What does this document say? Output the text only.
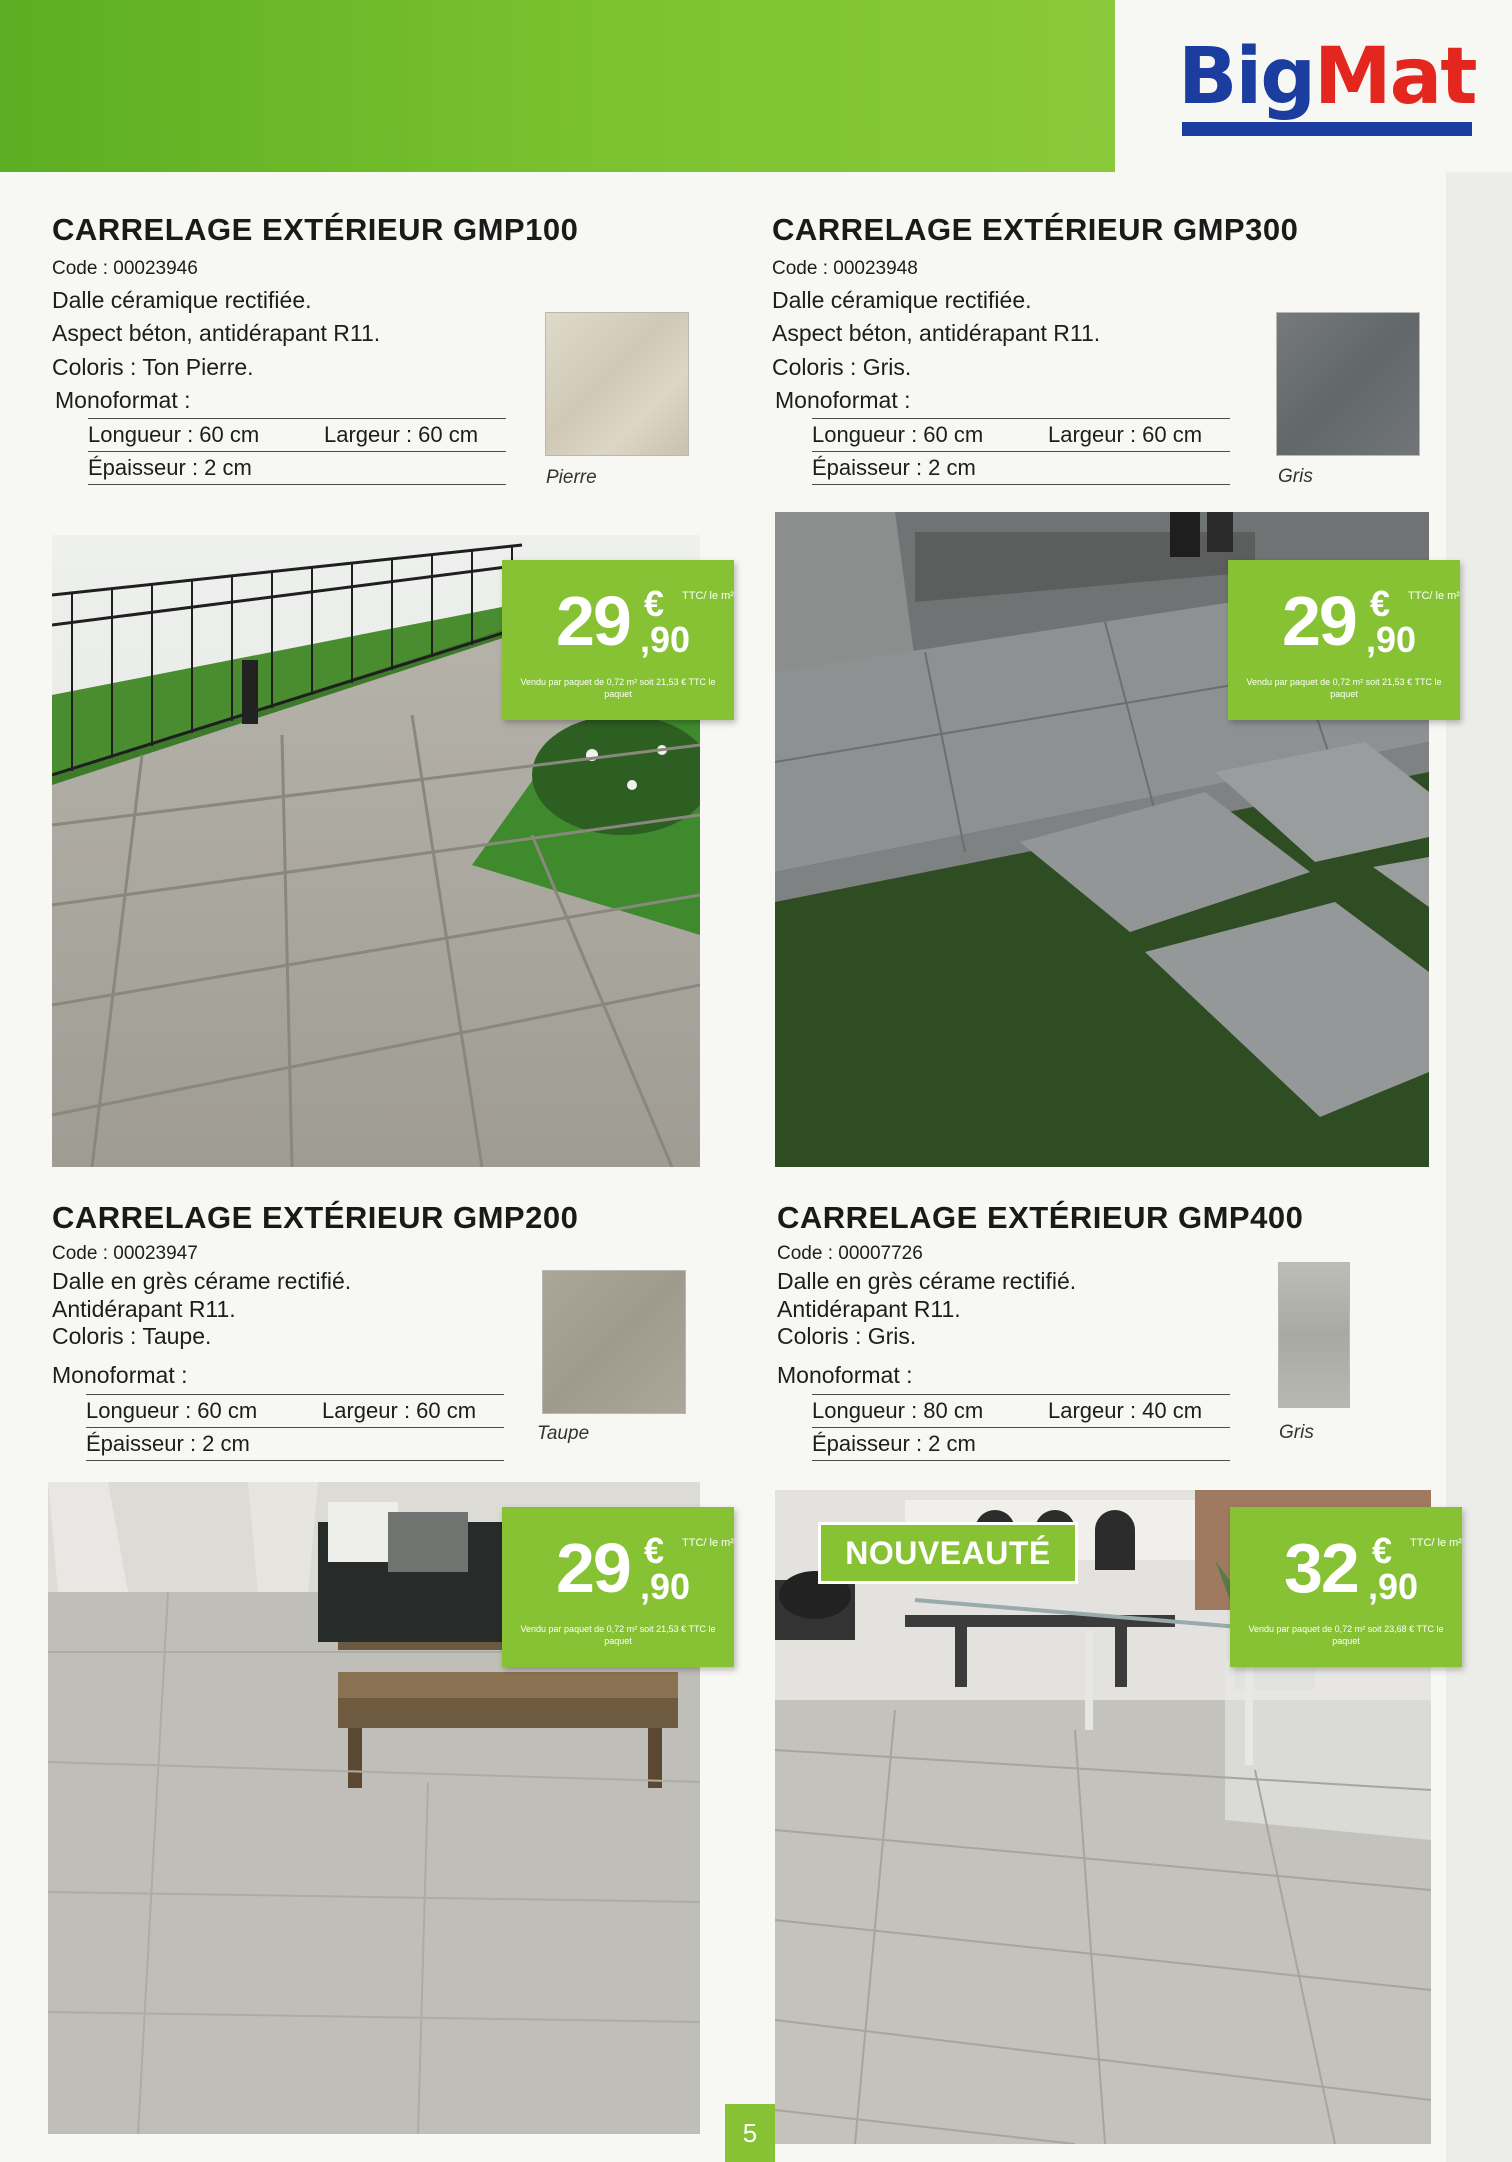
BigMat
CARRELAGE EXTÉRIEUR GMP100
Code : 00023946
Dalle céramique rectifiée.
Aspect béton, antidérapant R11.
Coloris : Ton Pierre.
Monoformat :
Longueur : 60 cm	Largeur : 60 cm
Épaisseur : 2 cm	Pierre
29 €
,90
TTC/ le m²
Vendu par paquet de 0,72 m² soit 21,53 € TTC le paquet
CARRELAGE EXTÉRIEUR GMP300
Code : 00023948
Dalle céramique rectifiée.
Aspect béton, antidérapant R11.
Coloris : Gris.
Monoformat :
Longueur : 60 cm	Largeur : 60 cm
Épaisseur : 2 cm	Gris
29 €
,90
TTC/ le m²
Vendu par paquet de 0,72 m² soit 21,53 € TTC le paquet
CARRELAGE EXTÉRIEUR GMP200
Code : 00023947
Dalle en grès cérame rectifié.
Antidérapant R11.
Coloris : Taupe.
Monoformat :
Longueur : 60 cm	Largeur : 60 cm
Épaisseur : 2 cm	Taupe
29 €
,90
TTC/ le m²
Vendu par paquet de 0,72 m² soit 21,53 € TTC le paquet
CARRELAGE EXTÉRIEUR GMP400
Code : 00007726
Dalle en grès cérame rectifié.
Antidérapant R11.
Coloris : Gris.
Monoformat :
Longueur : 80 cm	Largeur : 40 cm
Épaisseur : 2 cm	Gris
NOUVEAUTÉ	32 €
,90
TTC/ le m²
Vendu par paquet de 0,72 m² soit 23,68 € TTC le paquet
5
